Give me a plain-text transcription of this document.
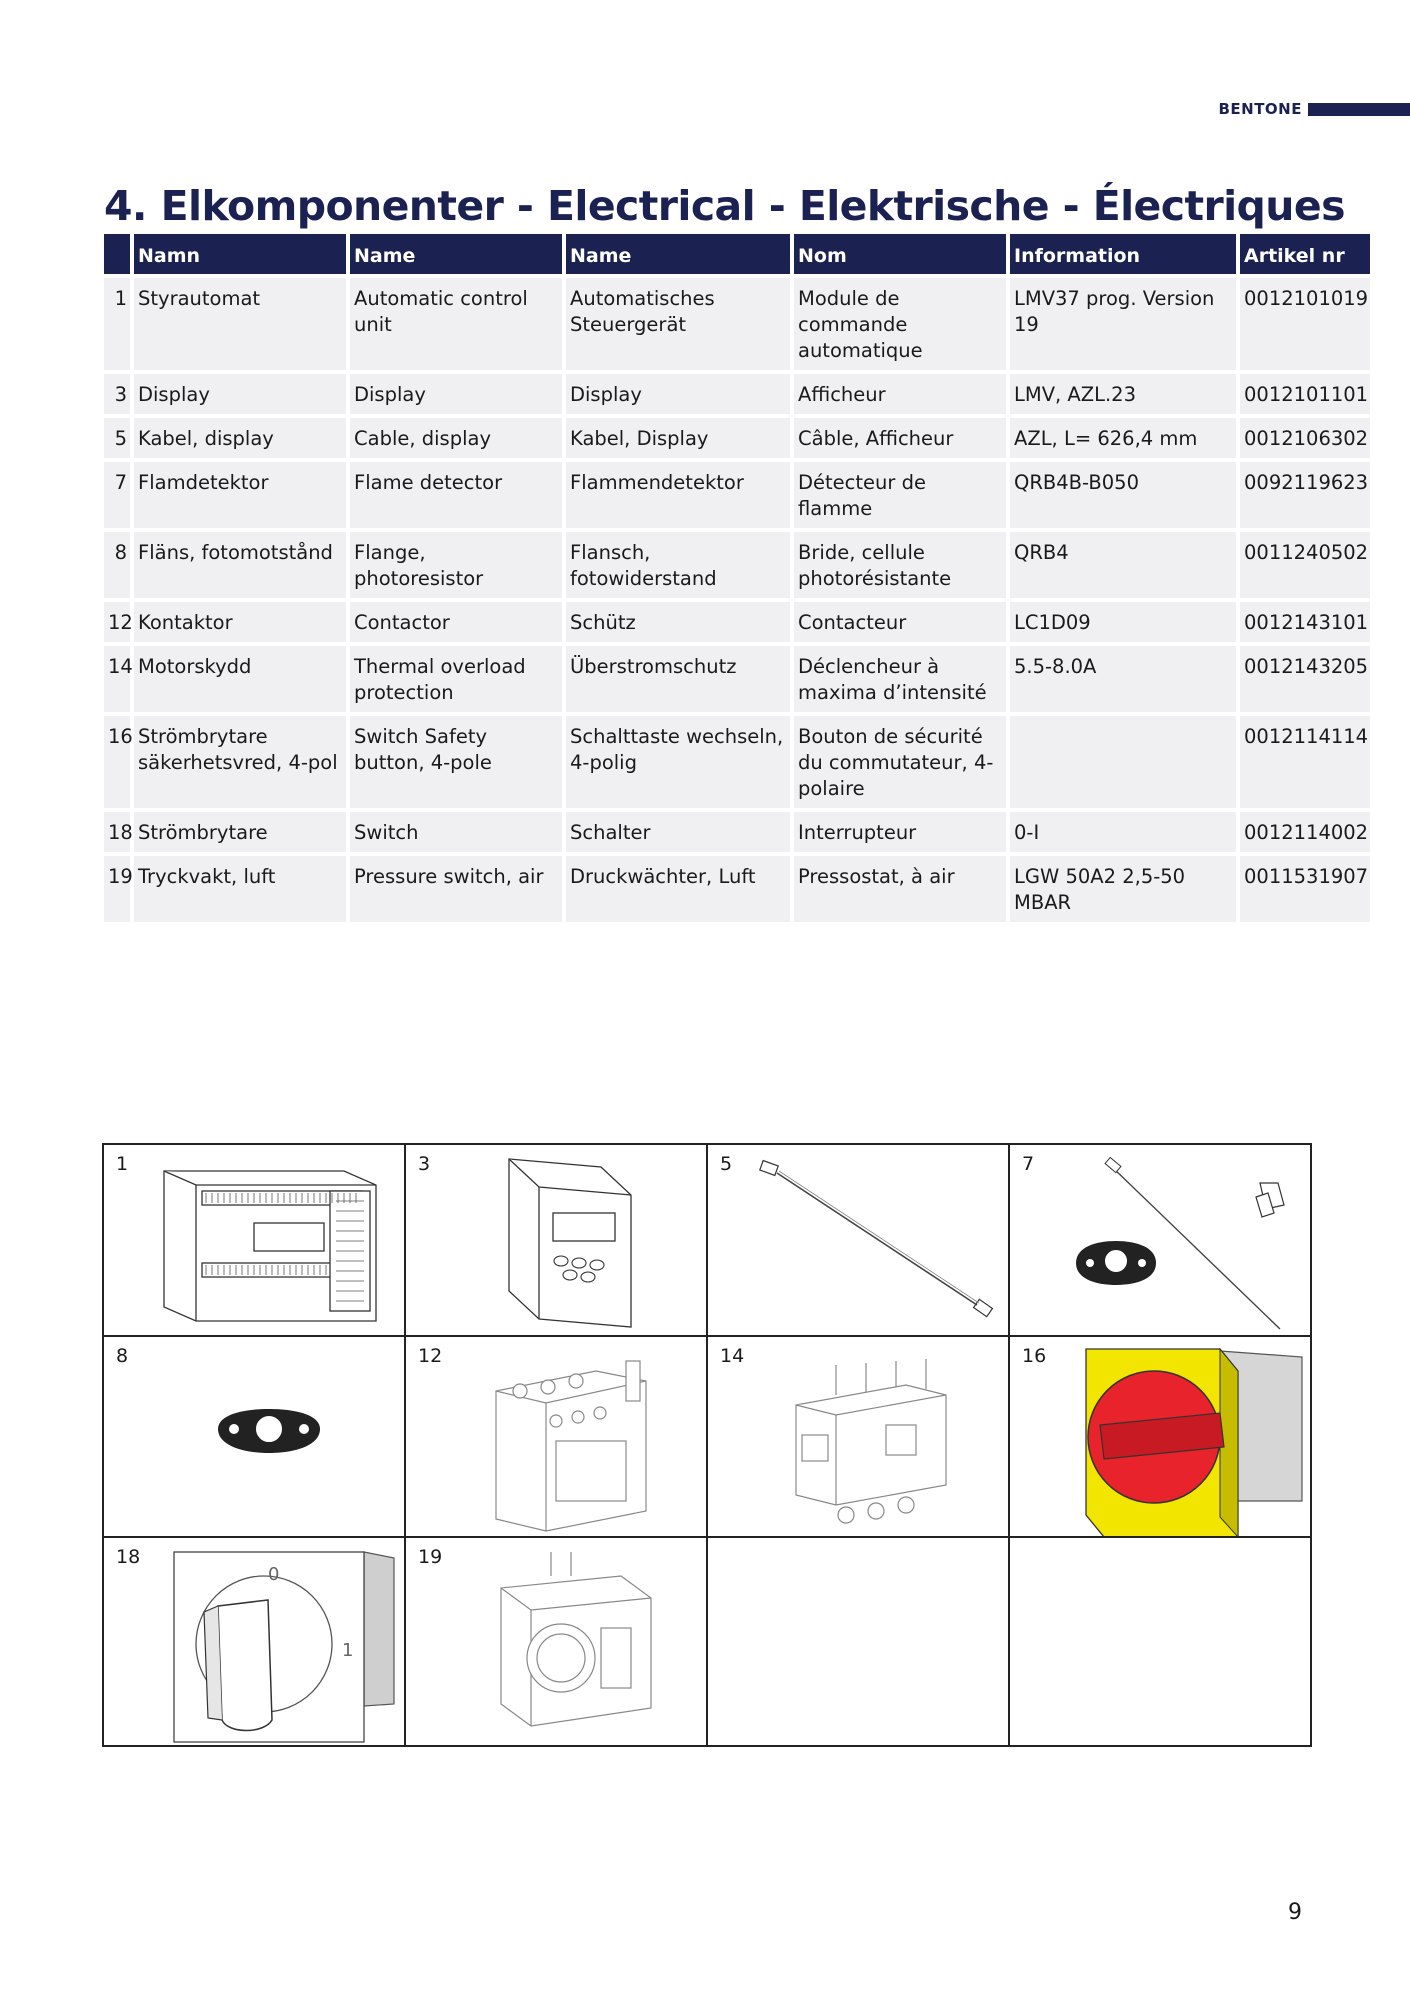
BENTONE
4. Elkomponenter - Electrical - Elektrische - Électriques
	Namn	Name	Name	Nom	Information	Artikel nr
1	Styrautomat	Automatic control unit	Automatisches Steuergerät	Module de commande automatique	LMV37 prog. Version 19	0012101019
3	Display	Display	Display	Afficheur	LMV, AZL.23	0012101101
5	Kabel, display	Cable, display	Kabel, Display	Câble, Afficheur	AZL, L= 626,4 mm	0012106302
7	Flamdetektor	Flame detector	Flammendetektor	Détecteur de flamme	QRB4B-B050	0092119623
8	Fläns, fotomotstånd	Flange, photoresistor	Flansch, fotowiderstand	Bride, cellule photorésistante	QRB4	0011240502
12	Kontaktor	Contactor	Schütz	Contacteur	LC1D09	0012143101
14	Motorskydd	Thermal overload protection	Überstromschutz	Déclencheur à maxima d’intensité	5.5-8.0A	0012143205
16	Strömbrytare säkerhetsvred, 4-pol	Switch Safety button, 4-pole	Schalttaste wechseln, 4-polig	Bouton de sécurité du commutateur, 4-polaire		0012114114
18	Strömbrytare	Switch	Schalter	Interrupteur	0-I	0012114002
19	Tryckvakt, luft	Pressure switch, air	Druckwächter, Luft	Pressostat, à air	LGW 50A2 2,5-50 MBAR	0011531907
1	3	5	7
8	12	14	16
18
0
1
19
9
